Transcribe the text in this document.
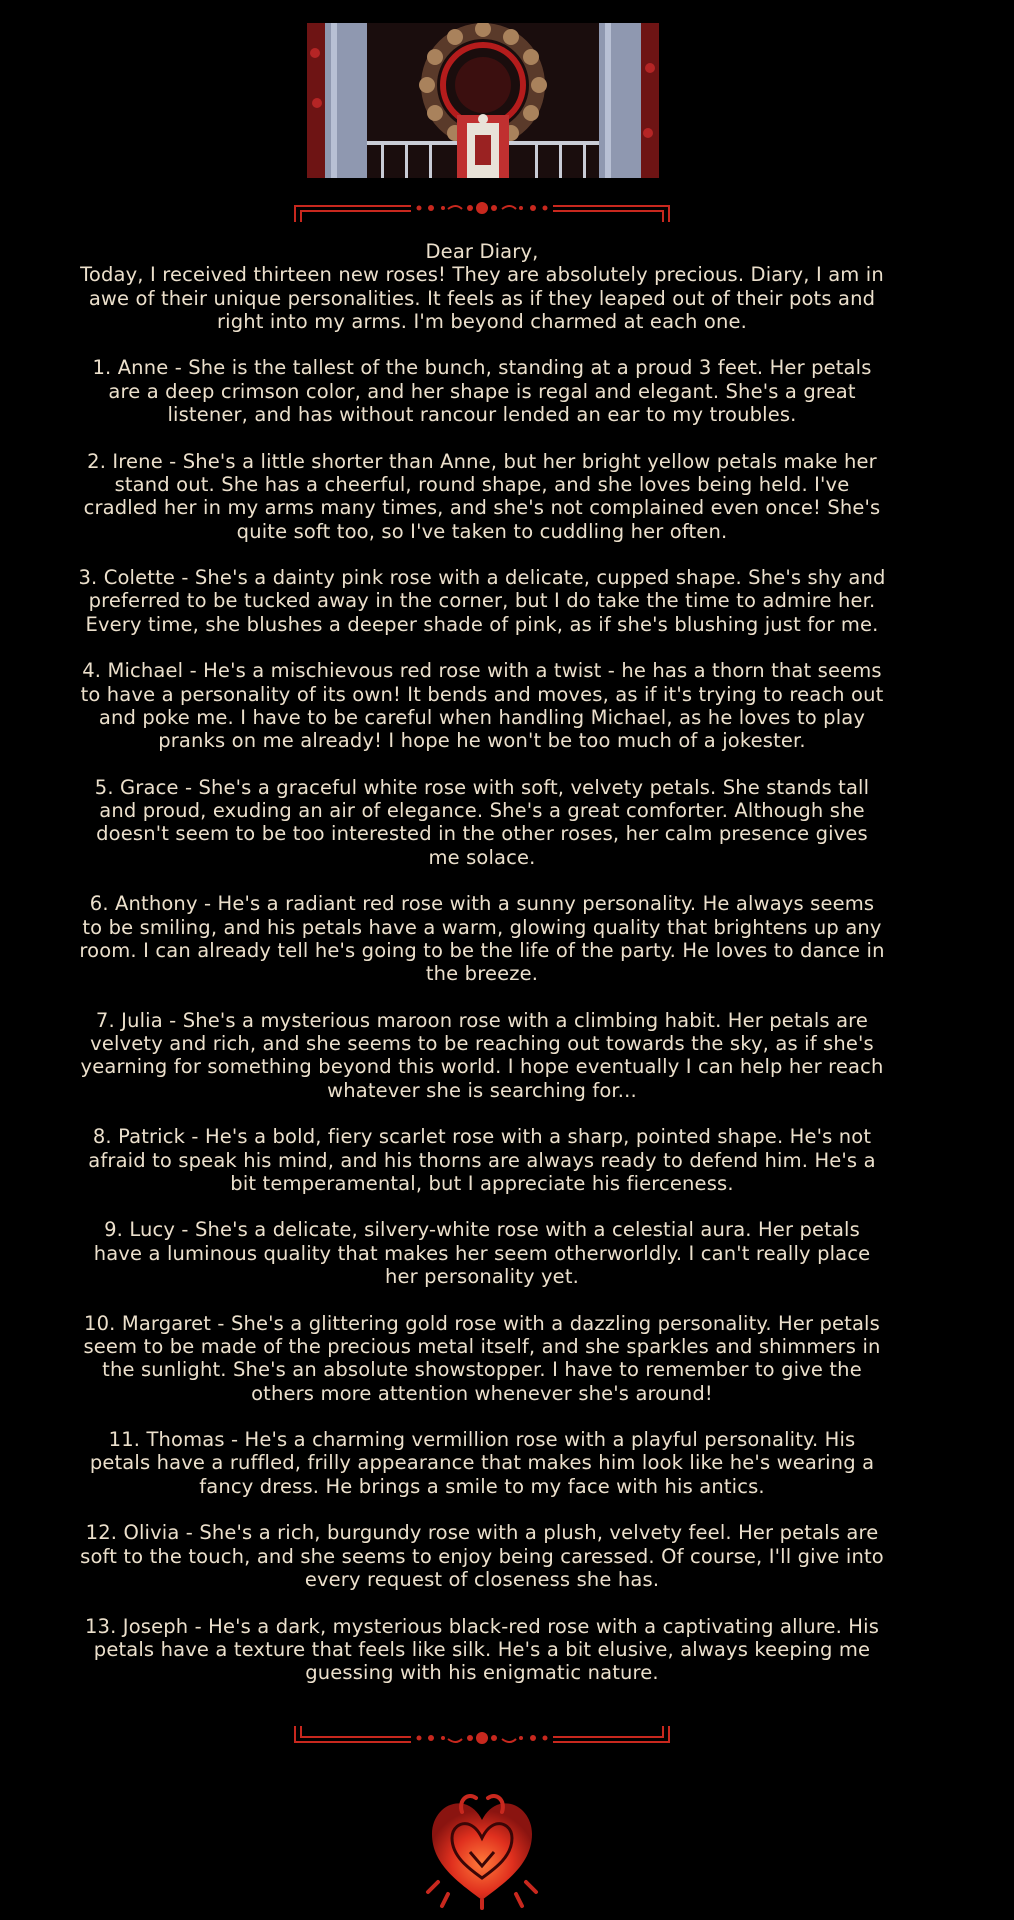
Dear Diary,

Today, I received thirteen new roses! They are absolutely precious. Diary, I am in awe of their unique personalities. It feels as if they leaped out of their pots and right into my arms. I'm beyond charmed at each one.

1. Anne - She is the tallest of the bunch, standing at a proud 3 feet. Her petals are a deep crimson color, and her shape is regal and elegant. She's a great listener, and has without rancour lended an ear to my troubles.

2. Irene - She's a little shorter than Anne, but her bright yellow petals make her stand out. She has a cheerful, round shape, and she loves being held. I've cradled her in my arms many times, and she's not complained even once! She's quite soft too, so I've taken to cuddling her often.

3. Colette - She's a dainty pink rose with a delicate, cupped shape. She's shy and preferred to be tucked away in the corner, but I do take the time to admire her. Every time, she blushes a deeper shade of pink, as if she's blushing just for me.

4. Michael - He's a mischievous red rose with a twist - he has a thorn that seems to have a personality of its own! It bends and moves, as if it's trying to reach out and poke me. I have to be careful when handling Michael, as he loves to play pranks on me already! I hope he won't be too much of a jokester.

5. Grace - She's a graceful white rose with soft, velvety petals. She stands tall and proud, exuding an air of elegance. She's a great comforter. Although she doesn't seem to be too interested in the other roses, her calm presence gives me solace.

6. Anthony - He's a radiant red rose with a sunny personality. He always seems to be smiling, and his petals have a warm, glowing quality that brightens up any room. I can already tell he's going to be the life of the party. He loves to dance in the breeze.

7. Julia - She's a mysterious maroon rose with a climbing habit. Her petals are velvety and rich, and she seems to be reaching out towards the sky, as if she's yearning for something beyond this world. I hope eventually I can help her reach whatever she is searching for...

8. Patrick - He's a bold, fiery scarlet rose with a sharp, pointed shape. He's not afraid to speak his mind, and his thorns are always ready to defend him. He's a bit temperamental, but I appreciate his fierceness.

9. Lucy - She's a delicate, silvery-white rose with a celestial aura. Her petals have a luminous quality that makes her seem otherworldly. I can't really place her personality yet.

10. Margaret - She's a glittering gold rose with a dazzling personality. Her petals seem to be made of the precious metal itself, and she sparkles and shimmers in the sunlight. She's an absolute showstopper. I have to remember to give the others more attention whenever she's around!

11. Thomas - He's a charming vermillion rose with a playful personality. His petals have a ruffled, frilly appearance that makes him look like he's wearing a fancy dress. He brings a smile to my face with his antics.

12. Olivia - She's a rich, burgundy rose with a plush, velvety feel. Her petals are soft to the touch, and she seems to enjoy being caressed. Of course, I'll give into every request of closeness she has.

13. Joseph - He's a dark, mysterious black-red rose with a captivating allure. His petals have a texture that feels like silk. He's a bit elusive, always keeping me guessing with his enigmatic nature.
